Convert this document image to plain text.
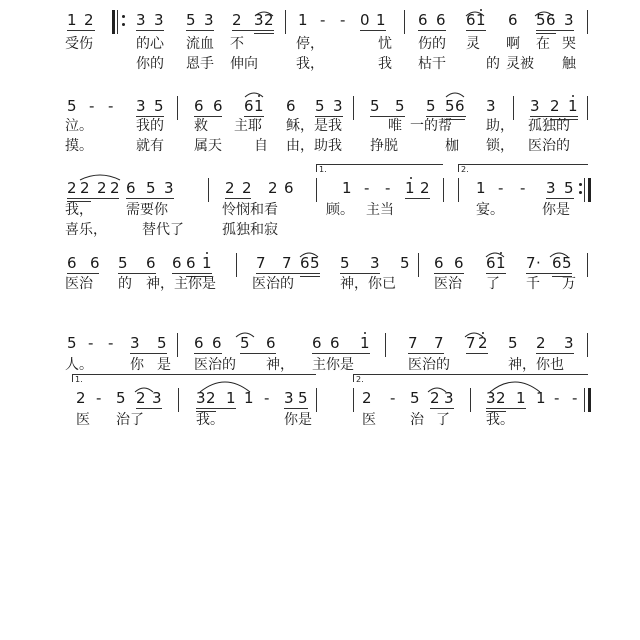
1 2	3 3 5 3 2 3 2 1 - - 0 1 6 6 6 1 6 5 6 3
受伤	的心 流血 不	停，	忧 伤的 灵 啊 在 哭
你的 恩手 伸向	我，	我 枯干	的 灵被 触
5 - - 3 5 6 6 6 1 6 5 3 5 5 5 5 6 3 3 2 1
泣。	我的 救 主耶 稣，是我	唯 一的帮 助， 孤独的
摸。	就有 属天 自 由，助我 挣脱	枷 锁， 医治的
1.	2.
2 2 2 2 6 5 3	2 2 2 6	1 - - 1 2	1 - - 3 5
我， 需要你	怜悯和看	顾。 主当	宴。	你是
喜乐，	替代了	孤独和寂
6 6 5 6 6 6 1	7 7 6 5 5 3 5 6 6 6 1 7 · 6 5
医治 的 神，主你是	医治的	神，你已	医治 了 千 万
5 - - 3 5 6 6 5 6 6 6 1	7 7 7 2 5 2 3
人。	你 是 医治的 神， 主你是	医治的	神，你也
1.	2.
2 - 5 2 3 3 2 1 1 - 3 5	2 - 5 2 3 3 2 1 1 - -
医 治了	我。	你是	医 治 了	我。
